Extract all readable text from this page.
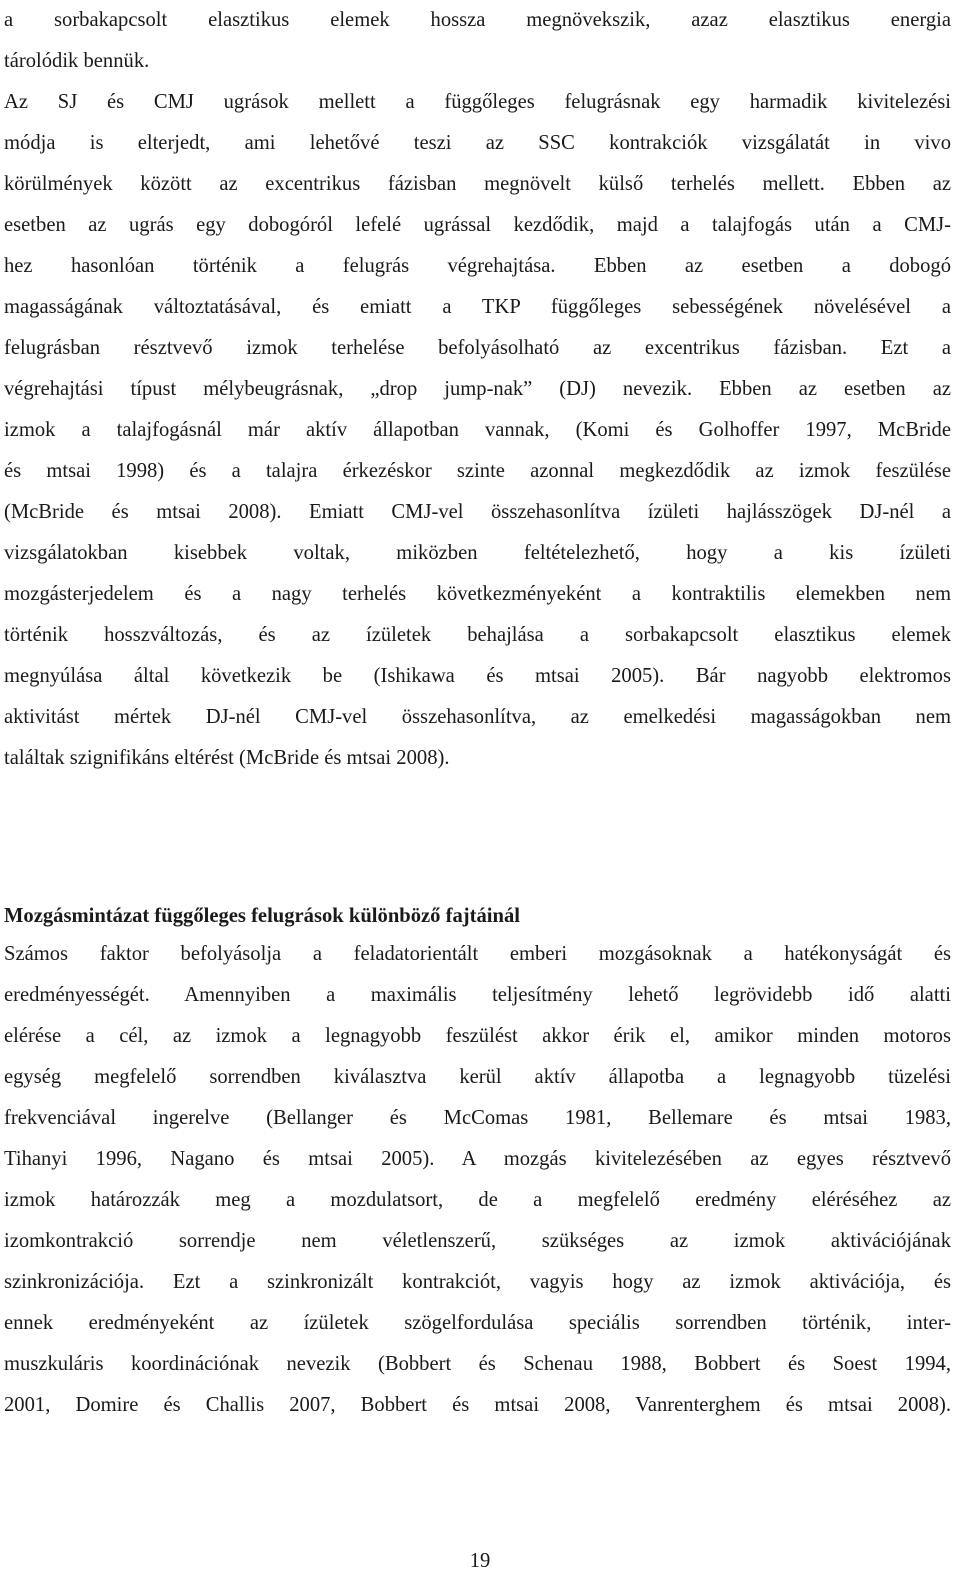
a sorbakapcsolt elasztikus elemek hossza megnövekszik, azaz elasztikus energia
tárolódik bennük.
Az SJ és CMJ ugrások mellett a függőleges felugrásnak egy harmadik kivitelezési
módja is elterjedt, ami lehetővé teszi az SSC kontrakciók vizsgálatát in vivo
körülmények között az excentrikus fázisban megnövelt külső terhelés mellett. Ebben az
esetben az ugrás egy dobogóról lefelé ugrással kezdődik, majd a talajfogás után a CMJ-
hez hasonlóan történik a felugrás végrehajtása. Ebben az esetben a dobogó
magasságának változtatásával, és emiatt a TKP függőleges sebességének növelésével a
felugrásban résztvevő izmok terhelése befolyásolható az excentrikus fázisban. Ezt a
végrehajtási típust mélybeugrásnak, „drop jump-nak” (DJ) nevezik. Ebben az esetben az
izmok a talajfogásnál már aktív állapotban vannak, (Komi és Golhoffer 1997, McBride
és mtsai 1998) és a talajra érkezéskor szinte azonnal megkezdődik az izmok feszülése
(McBride és mtsai 2008). Emiatt CMJ-vel összehasonlítva ízületi hajlásszögek DJ-nél a
vizsgálatokban kisebbek voltak, miközben feltételezhető, hogy a kis ízületi
mozgásterjedelem és a nagy terhelés következményeként a kontraktilis elemekben nem
történik hosszváltozás, és az ízületek behajlása a sorbakapcsolt elasztikus elemek
megnyúlása által következik be (Ishikawa és mtsai 2005). Bár nagyobb elektromos
aktivitást mértek DJ-nél CMJ-vel összehasonlítva, az emelkedési magasságokban nem
találtak szignifikáns eltérést (McBride és mtsai 2008).
Mozgásmintázat függőleges felugrások különböző fajtáinál
Számos faktor befolyásolja a feladatorientált emberi mozgásoknak a hatékonyságát és
eredményességét. Amennyiben a maximális teljesítmény lehető legrövidebb idő alatti
elérése a cél, az izmok a legnagyobb feszülést akkor érik el, amikor minden motoros
egység megfelelő sorrendben kiválasztva kerül aktív állapotba a legnagyobb tüzelési
frekvenciával ingerelve (Bellanger és McComas 1981, Bellemare és mtsai 1983,
Tihanyi 1996, Nagano és mtsai 2005). A mozgás kivitelezésében az egyes résztvevő
izmok határozzák meg a mozdulatsort, de a megfelelő eredmény eléréséhez az
izomkontrakció sorrendje nem véletlenszerű, szükséges az izmok aktivációjának
szinkronizációja. Ezt a szinkronizált kontrakciót, vagyis hogy az izmok aktivációja, és
ennek eredményeként az ízületek szögelfordulása speciális sorrendben történik, inter-
muszkuláris koordinációnak nevezik (Bobbert és Schenau 1988, Bobbert és Soest 1994,
2001, Domire és Challis 2007, Bobbert és mtsai 2008, Vanrenterghem és mtsai 2008).
19
